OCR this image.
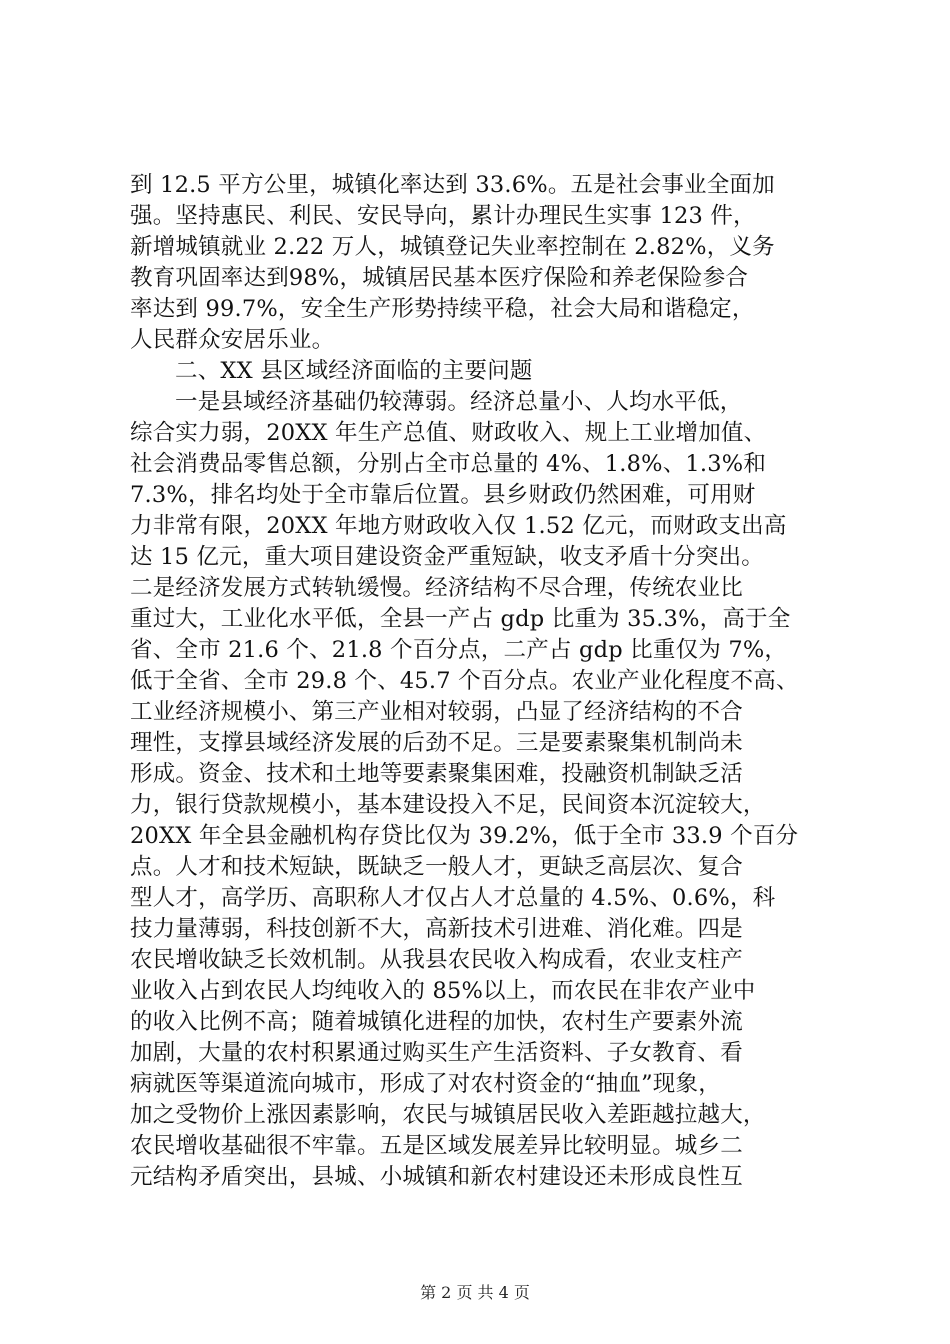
到 12.5 平方公里，城镇化率达到 33.6%。五是社会事业全面加
强。坚持惠民、利民、安民导向，累计办理民生实事 123 件，
新增城镇就业 2.22 万人，城镇登记失业率控制在 2.82%，义务
教育巩固率达到98%，城镇居民基本医疗保险和养老保险参合
率达到 99.7%，安全生产形势持续平稳，社会大局和谐稳定，
人民群众安居乐业。
二、XX 县区域经济面临的主要问题
一是县域经济基础仍较薄弱。经济总量小、人均水平低，
综合实力弱，20XX 年生产总值、财政收入、规上工业增加值、
社会消费品零售总额，分别占全市总量的 4%、1.8%、1.3%和
7.3%，排名均处于全市靠后位置。县乡财政仍然困难，可用财
力非常有限，20XX 年地方财政收入仅 1.52 亿元，而财政支出高
达 15 亿元，重大项目建设资金严重短缺，收支矛盾十分突出。
二是经济发展方式转轨缓慢。经济结构不尽合理，传统农业比
重过大，工业化水平低，全县一产占 gdp 比重为 35.3%，高于全
省、全市 21.6 个、21.8 个百分点，二产占 gdp 比重仅为 7%，
低于全省、全市 29.8 个、45.7 个百分点。农业产业化程度不高、
工业经济规模小、第三产业相对较弱，凸显了经济结构的不合
理性，支撑县域经济发展的后劲不足。三是要素聚集机制尚未
形成。资金、技术和土地等要素聚集困难，投融资机制缺乏活
力，银行贷款规模小，基本建设投入不足，民间资本沉淀较大，
20XX 年全县金融机构存贷比仅为 39.2%，低于全市 33.9 个百分
点。人才和技术短缺，既缺乏一般人才，更缺乏高层次、复合
型人才，高学历、高职称人才仅占人才总量的 4.5%、0.6%，科
技力量薄弱，科技创新不大，高新技术引进难、消化难。四是
农民增收缺乏长效机制。从我县农民收入构成看，农业支柱产
业收入占到农民人均纯收入的 85%以上，而农民在非农产业中
的收入比例不高；随着城镇化进程的加快，农村生产要素外流
加剧，大量的农村积累通过购买生产生活资料、子女教育、看
病就医等渠道流向城市，形成了对农村资金的“抽血”现象，
加之受物价上涨因素影响，农民与城镇居民收入差距越拉越大，
农民增收基础很不牢靠。五是区域发展差异比较明显。城乡二
元结构矛盾突出，县城、小城镇和新农村建设还未形成良性互
第 2 页 共 4 页
